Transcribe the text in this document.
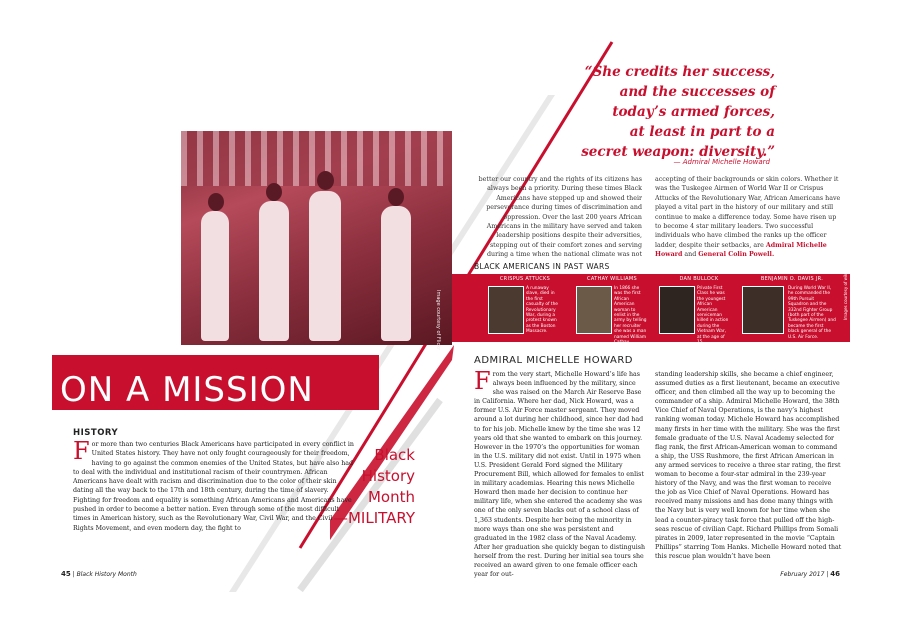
Image courtesy of Flickr
“She credits her success,
and the successes of
today’s armed forces,
at least in part to a
secret weapon: diversity.”
— Admiral Michelle Howard
better our country and the rights of its citizens has always been a priority. During these times Black Americans have stepped up and showed their perseverance during times of discrimination and oppression. Over the last 200 years African Americans in the military have served and taken leadership positions despite their adversities, stepping out of their comfort zones and serving during a time when the national climate was not
accepting of their backgrounds or skin colors. Whether it was the Tuskegee Airmen of World War II or Crispus Attucks of the Revolutionary War, African Americans have played a vital part in the history of our military and still continue to make a difference today. Some have risen up to become 4 star military leaders. Two successful individuals who have climbed the ranks up the officer ladder, despite their setbacks, are Admiral Michelle Howard and General Colin Powell.
BLACK AMERICANS IN PAST WARS
CRISPUS ATTUCKS
A runaway slave, died in the first casualty of the Revolutionary War, during a protest known as the Boston Massacre.
CATHAY WILLIAMS
In 1866 she was the first African American woman to enlist in the army by telling her recruiter she was a man named William Cathay.
DAN BULLOCK
Private First Class he was the youngest African American serviceman killed in action during the Vietnam War, at the age of 15.
BENJAMIN O. DAVIS JR.
During World War II, he commanded the 99th Pursuit Squadron and the 332nd Fighter Group (both part of the Tuskegee Airmen) and became the first black general of the U.S. Air Force.
Images courtesy of wikipedia
ON A MISSION
HISTORY
F or more than two centuries Black Americans have participated in every conflict in United States history. They have not only fought courageously for their freedom, having to go against the common enemies of the United States, but have also had to deal with the individual and institutional racism of their countrymen. African Americans have dealt with racism and discrimination due to the color of their skin dating all the way back to the 17th and 18th century, during the time of slavery. Fighting for freedom and equality is something African Americans and Americans have pushed in order to become a better nation. Even through some of the most difficult times in American history, such as the Revolutionary War, Civil War, and the Civil Rights Movement, and even modern day, the fight to
Black
History
Month
—MILITARY
ADMIRAL MICHELLE HOWARD
F rom the very start, Michelle Howard’s life has always been influenced by the military, since she was raised on the March Air Reserve Base in California. Where her dad, Nick Howard, was a former U.S. Air Force master sergeant. They moved around a lot during her childhood, since her dad had to for his job. Michelle knew by the time she was 12 years old that she wanted to embark on this journey. However in the 1970’s the opportunities for woman in the U.S. military did not exist. Until in 1975 when U.S. President Gerald Ford signed the Military Procurement Bill, which allowed for females to enlist in military academias. Hearing this news Michelle Howard then made her decision to continue her military life, when she entered the academy she was one of the only seven blacks out of a school class of 1,363 students. Despite her being the minority in more ways than one she was persistent and graduated in the 1982 class of the Naval Academy. After her graduation she quickly began to distinguish herself from the rest. During her initial sea tours she received an award given to one female officer each year for out-
standing leadership skills, she became a chief engineer, assumed duties as a first lieutenant, became an executive officer, and then climbed all the way up to becoming the commander of a ship. Admiral Michelle Howard, the 38th Vice Chief of Naval Operations, is the navy’s highest ranking woman today. Michele Howard has accomplished many firsts in her time with the military. She was the first female graduate of the U.S. Naval Academy selected for flag rank, the first African-American woman to command a ship, the USS Rushmore, the first African American in any armed services to receive a three star rating, the first woman to become a four-star admiral in the 239-year history of the Navy, and was the first woman to receive the job as Vice Chief of Naval Operations. Howard has received many missions and has done many things with the Navy but is very well known for her time when she lead a counter-piracy task force that pulled off the high-seas rescue of civilian Capt. Richard Phillips from Somali pirates in 2009, later represented in the movie “Captain Phillips” starring Tom Hanks. Michelle Howard noted that this rescue plan wouldn’t have been
45 | Black History Month	February 2017 | 46
